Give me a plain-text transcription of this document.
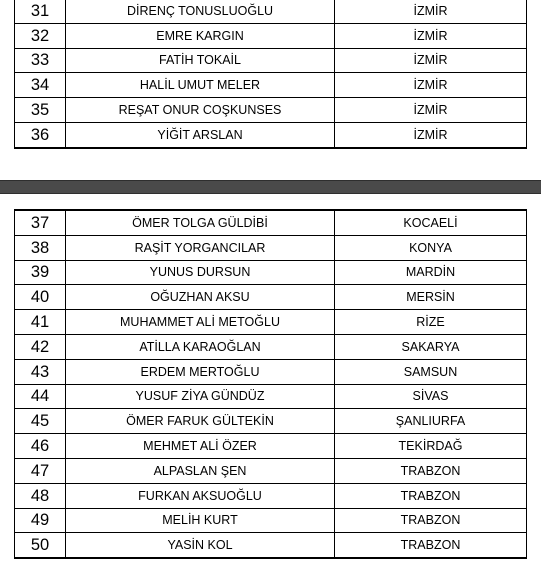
31	DİRENÇ TONUSLUOĞLU	İZMİR
32	EMRE KARGIN	İZMİR
33	FATİH TOKAİL	İZMİR
34	HALİL UMUT MELER	İZMİR
35	REŞAT ONUR COŞKUNSES	İZMİR
36	YİĞİT ARSLAN	İZMİR
37	ÖMER TOLGA GÜLDİBİ	KOCAELİ
38	RAŞİT YORGANCILAR	KONYA
39	YUNUS DURSUN	MARDİN
40	OĞUZHAN AKSU	MERSİN
41	MUHAMMET ALİ METOĞLU	RİZE
42	ATİLLA KARAOĞLAN	SAKARYA
43	ERDEM MERTOĞLU	SAMSUN
44	YUSUF ZİYA GÜNDÜZ	SİVAS
45	ÖMER FARUK GÜLTEKİN	ŞANLIURFA
46	MEHMET ALİ ÖZER	TEKİRDAĞ
47	ALPASLAN ŞEN	TRABZON
48	FURKAN AKSUOĞLU	TRABZON
49	MELİH KURT	TRABZON
50	YASİN KOL	TRABZON
